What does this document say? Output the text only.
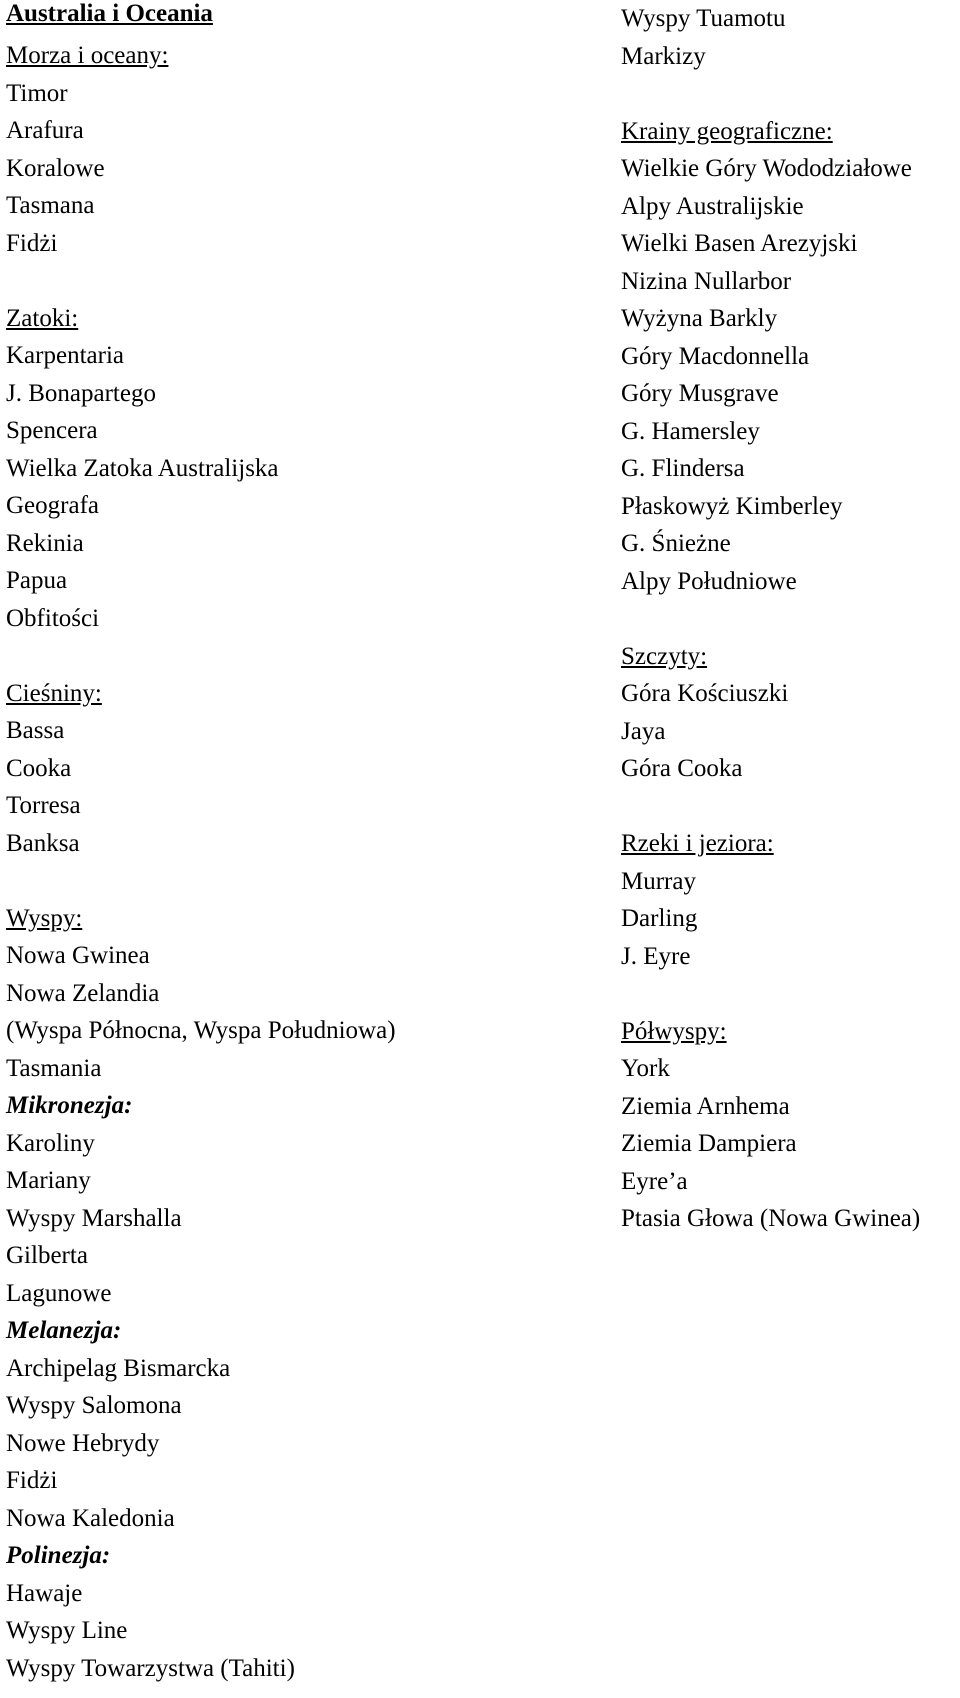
Australia i Oceania
Morza i oceany:
Timor
Arafura
Koralowe
Tasmana
Fidżi
Zatoki:
Karpentaria
J. Bonapartego
Spencera
Wielka Zatoka Australijska
Geografa
Rekinia
Papua
Obfitości
Cieśniny:
Bassa
Cooka
Torresa
Banksa
Wyspy:
Nowa Gwinea
Nowa Zelandia
(Wyspa Północna, Wyspa Południowa)
Tasmania
Mikronezja:
Karoliny
Mariany
Wyspy Marshalla
Gilberta
Lagunowe
Melanezja:
Archipelag Bismarcka
Wyspy Salomona
Nowe Hebrydy
Fidżi
Nowa Kaledonia
Polinezja:
Hawaje
Wyspy Line
Wyspy Towarzystwa (Tahiti)
Wyspy Tuamotu
Markizy
Krainy geograficzne:
Wielkie Góry Wododziałowe
Alpy Australijskie
Wielki Basen Arezyjski
Nizina Nullarbor
Wyżyna Barkly
Góry Macdonnella
Góry Musgrave
G. Hamersley
G. Flindersa
Płaskowyż Kimberley
G. Śnieżne
Alpy Południowe
Szczyty:
Góra Kościuszki
Jaya
Góra Cooka
Rzeki i jeziora:
Murray
Darling
J. Eyre
Półwyspy:
York
Ziemia Arnhema
Ziemia Dampiera
Eyre’a
Ptasia Głowa (Nowa Gwinea)
